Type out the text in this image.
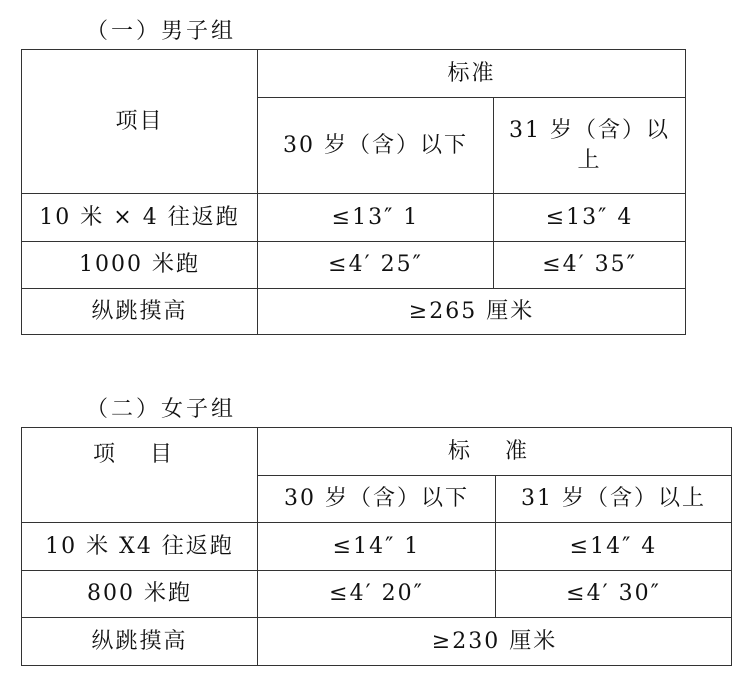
（一）男子组
项目	标准	
	30 岁（含）以下	31 岁（含）以上
10 米 × 4 往返跑	≤13″ 1	≤13″ 4
1000 米跑	≤4′ 25″	≤4′ 35″
纵跳摸高	≥265 厘米	
（二）女子组
项 目	标 准	
	30 岁（含）以下	31 岁（含）以上
10 米 X4 往返跑	≤14″ 1	≤14″ 4
800 米跑	≤4′ 20″	≤4′ 30″
纵跳摸高	≥230 厘米	
